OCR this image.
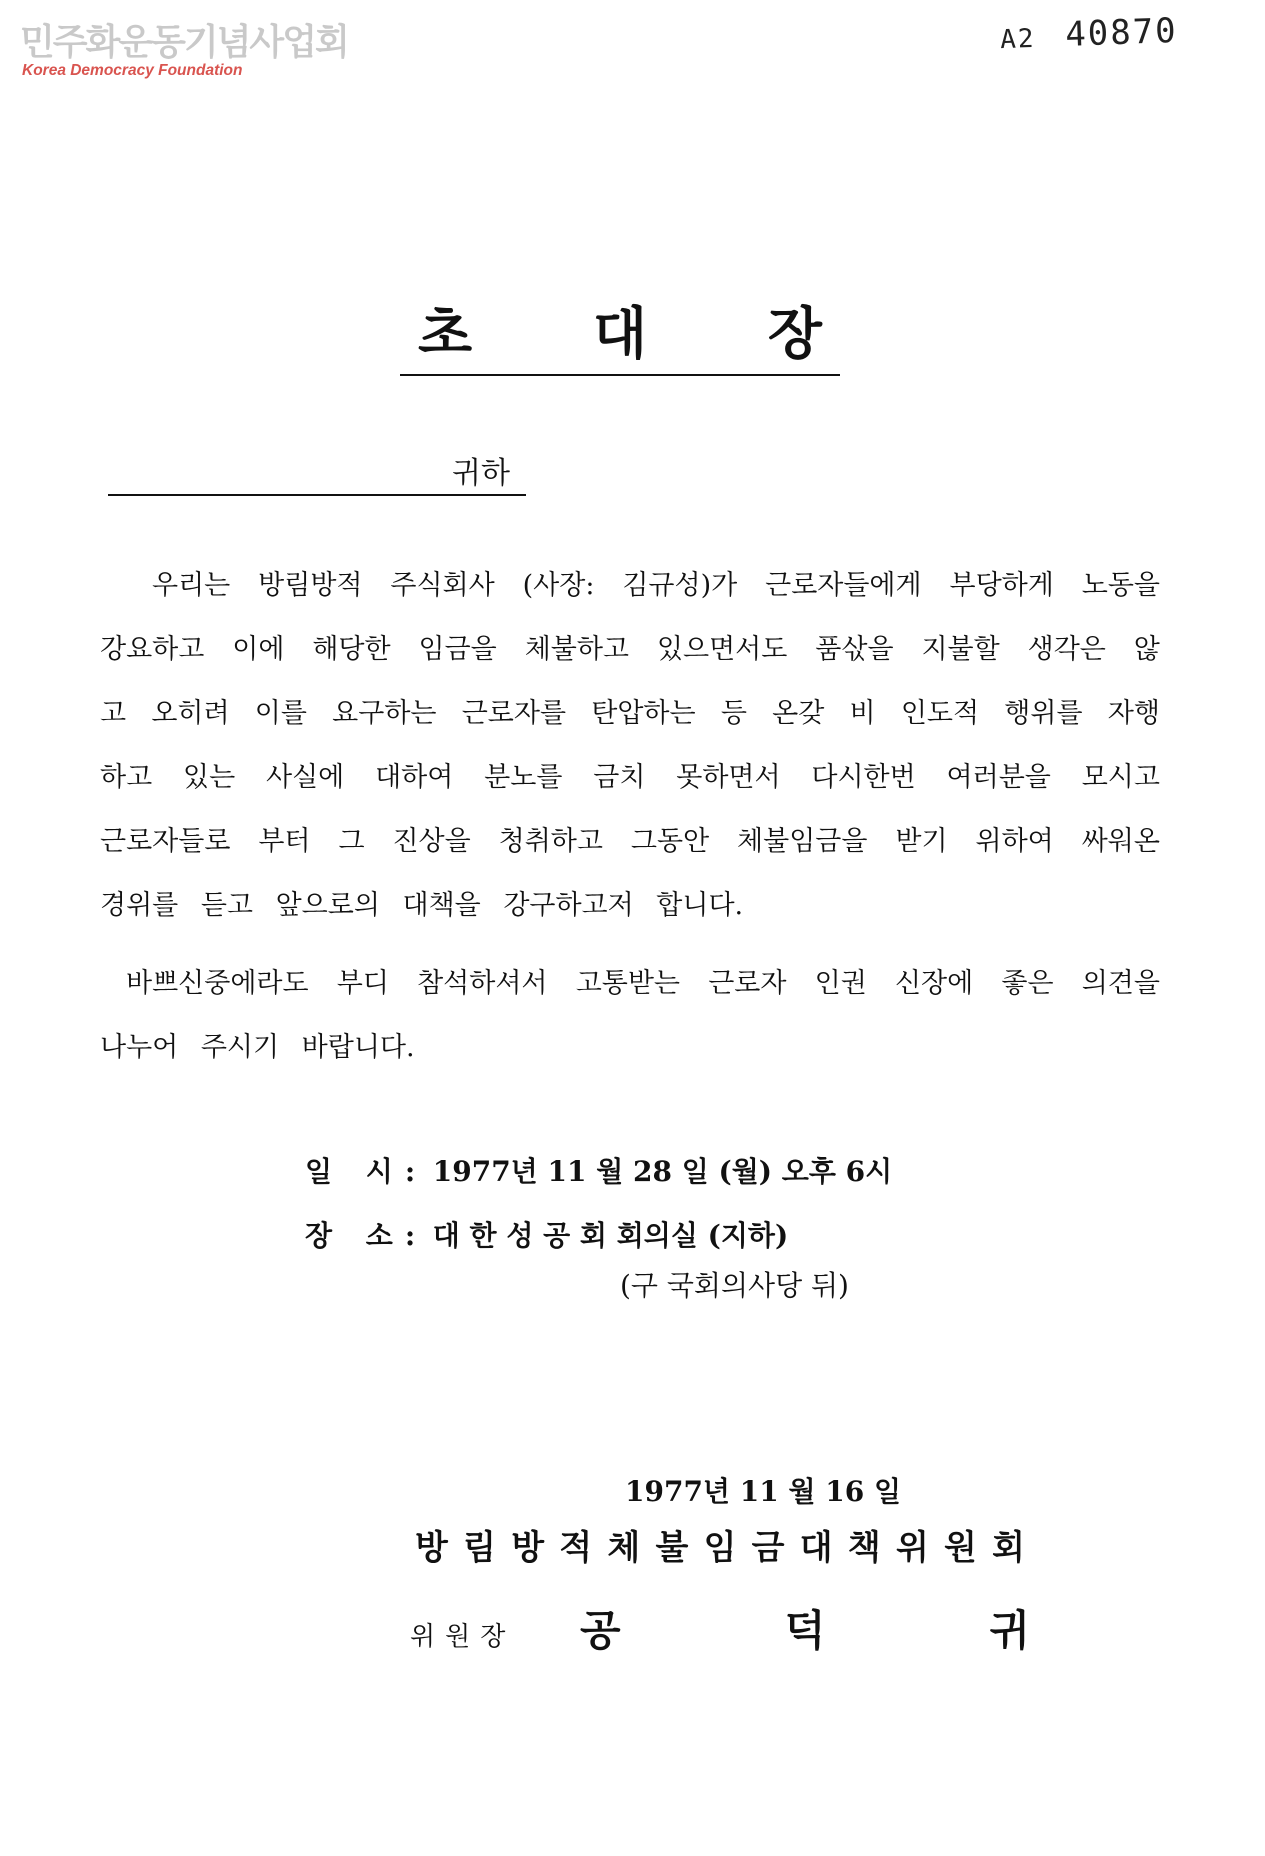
민주화운동기념사업회
Korea Democracy Foundation
A2 40870
초 대 장
귀하
우리는 방림방적 주식회사 (사장: 김규성)가 근로자들에게 부당하게 노동을
강요하고 이에 해당한 임금을 체불하고 있으면서도 품삯을 지불할 생각은 않
고 오히려 이를 요구하는 근로자를 탄압하는 등 온갖 비 인도적 행위를 자행
하고 있는 사실에 대하여 분노를 금치 못하면서 다시한번 여러분을 모시고
근로자들로 부터 그 진상을 청취하고 그동안 체불임금을 받기 위하여 싸워온
경위를 듣고 앞으로의 대책을 강구하고저 합니다.
바쁘신중에라도 부디 참석하셔서 고통받는 근로자 인권 신장에 좋은 의견을
나누어 주시기 바랍니다.
일 시: 1977년 11 월 28 일 (월) 오후 6시
장 소: 대 한 성 공 회 회의실 (지하)
(구 국회의사당 뒤)
1977년 11 월 16 일
방 림 방 적 체 불 임 금 대 책 위 원 회
위원장	공	덕	귀
